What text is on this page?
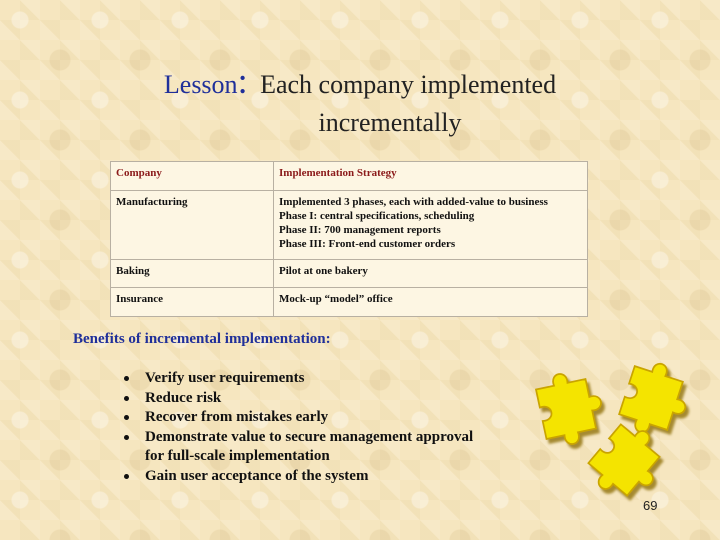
Lesson: Each company implemented
incrementally
Company	Implementation Strategy
Manufacturing	Implemented 3 phases, each with added-value to business
Phase I: central specifications, scheduling
Phase II: 700 management reports
Phase III: Front-end customer orders

Baking	Pilot at one bakery
Insurance	Mock-up “model” office
Benefits of incremental implementation:
Verify user requirements
Reduce risk
Recover from mistakes early
Demonstrate value to secure management approval
for full-scale implementation
Gain user acceptance of the system
69
